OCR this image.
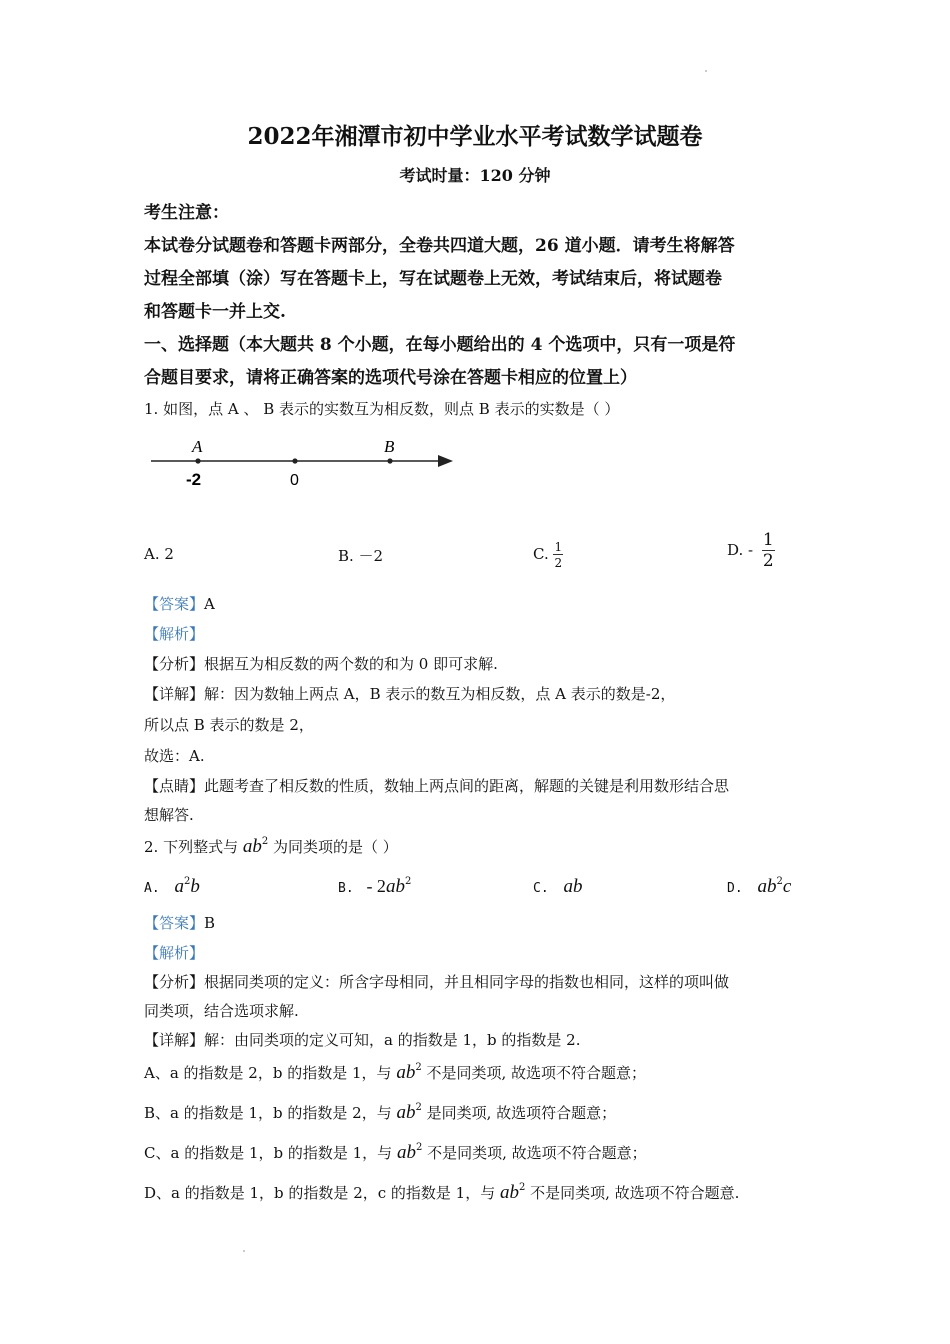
2022年湘潭市初中学业水平考试数学试题卷
考试时量：120 分钟
考生注意：
本试卷分试题卷和答题卡两部分，全卷共四道大题，26 道小题．请考生将解答
过程全部填（涂）写在答题卡上，写在试题卷上无效，考试结束后，将试题卷
和答题卡一并上交.
一、选择题（本大题共 8 个小题，在每小题给出的 4 个选项中，只有一项是符
合题目要求，请将正确答案的选项代号涂在答题卡相应的位置上）
1. 如图，点 A 、 B 表示的实数互为相反数，则点 B 表示的实数是（ ）
A	B
-2	0
A. 2	B. －2	C. $\frac{1}{2}$	D. - $\frac{1}{2}$
【答案】A
【解析】
【分析】根据互为相反数的两个数的和为 0 即可求解.
【详解】解：因为数轴上两点 A，B 表示的数互为相反数，点 A 表示的数是-2，
所以点 B 表示的数是 2，
故选：A.
【点睛】此题考查了相反数的性质，数轴上两点间的距离，解题的关键是利用数形结合思
想解答.
2. 下列整式与 $ab^2$ 为同类项的是（ ）
A. $a^2b$	B. - $2ab^2$	C. ab	D. $ab^2c$
【答案】B
【解析】
【分析】根据同类项的定义：所含字母相同，并且相同字母的指数也相同，这样的项叫做
同类项，结合选项求解.
【详解】解：由同类项的定义可知，a 的指数是 1，b 的指数是 2.
A、a 的指数是 2，b 的指数是 1，与 $ab^2$ 不是同类项, 故选项不符合题意；
B、a 的指数是 1，b 的指数是 2，与 $ab^2$ 是同类项, 故选项符合题意；
C、a 的指数是 1，b 的指数是 1，与 $ab^2$ 不是同类项, 故选项不符合题意；
D、a 的指数是 1，b 的指数是 2，c 的指数是 1，与 $ab^2$ 不是同类项, 故选项不符合题意.
